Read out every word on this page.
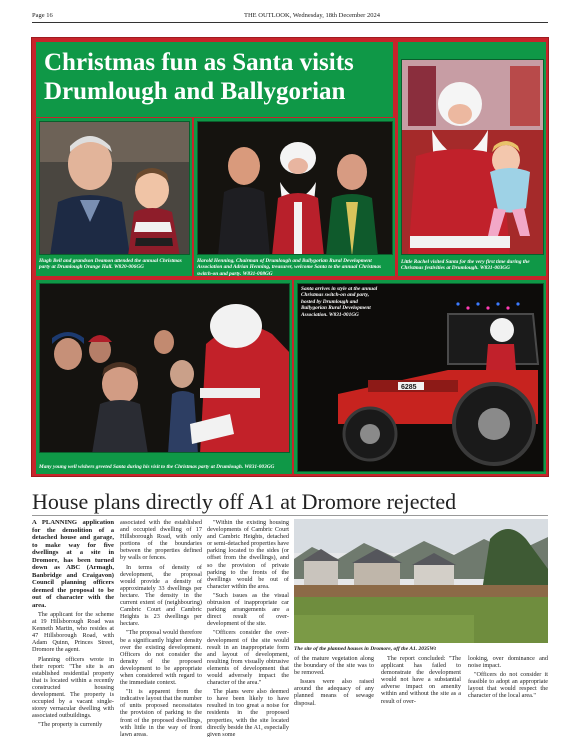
Page 16	THE OUTLOOK, Wednesday, 18th December 2024
Christmas fun as Santa visits
Drumlough and Ballygorian
Hugh Bell and grandson Deamon attended the annual Christmas party at Drumlough Orange Hall. W820-006GG
Harold Henning, Chairman of Drumlough and Ballygorian Rural Development Association and Adrian Henning, treasurer, welcome Santa to the annual Christmas switch-on and party. W831-008GG
Little Rachel visited Santa for the very first time during the Christmas festivities at Drumlough. W831-003GG
Many young well wishers greeted Santa during his visit to the Christmas party at Drumlough. W831-003GG
6285
Santa arrives in style at the annual Christmas switch-on and party, hosted by Drumlough and Ballygorian Rural Development Association. W831-001GG
House plans directly off A1 at Dromore rejected

A PLANNING application for the demolition of a detached house and garage, to make way for five dwellings at a site in Dromore, has been turned down as ABC (Armagh, Banbridge and Craigavon) Council planning officers deemed the proposal to be out of character with the area.

The applicant for the scheme at 19 Hillsborough Road was Kenneth Martin, who resides at 47 Hillsborough Road, with Adam Quinn, Princes Street, Dromore the agent.

Planning officers wrote in their report: "The site is an established residential property that is located within a recently constructed housing development. The property is occupied by a vacant single-storey vernacular dwelling with associated outbuildings.

"The property is currently

associated with the established and occupied dwelling of 17 Hillsborough Road, with only portions of the boundaries between the properties defined by walls or fences.

In terms of density of development, the proposal would provide a density of approximately 33 dwellings per hectare. The density in the current extent of (neighbouring) Cambric Court and Cambric Heights is 23 dwellings per hectare.

"The proposal would therefore be a significantly higher density over the existing development. Officers do not consider the density of the proposed development to be appropriate when considered with regard to the immediate context.

"It is apparent from the indicative layout that the number of units proposed necessitates the provision of parking to the front of the proposed dwellings, with little in the way of front lawn areas.

"Within the existing housing developments of Cambric Court and Cambric Heights, detached or semi-detached properties have parking located to the sides (or offset from the dwellings), and so the provision of private parking to the fronts of the dwellings would be out of character within the area.

"Such issues as the visual obtrusion of inappropriate car parking arrangements are a direct result of over-development of the site.

"Officers consider the over-development of the site would result in an inappropriate form and layout of development, resulting from visually obtrusive elements of development that would adversely impact the character of the area."

The plans were also deemed to have been likely to have resulted in too great a noise for residents in the proposed properties, with the site located directly beside the A1, especially given some

The site of the planned houses in Dromore, off the A1. 2035Wt

of the mature vegetation along the boundary of the site was to be removed.

Issues were also raised around the adequacy of any planned means of sewage disposal.

The report concluded: "The applicant has failed to demonstrate the development would not have a substantial adverse impact on amenity within and without the site as a result of over-

looking, over dominance and noise impact.

"Officers do not consider it feasible to adopt an appropriate layout that would respect the character of the local area."
